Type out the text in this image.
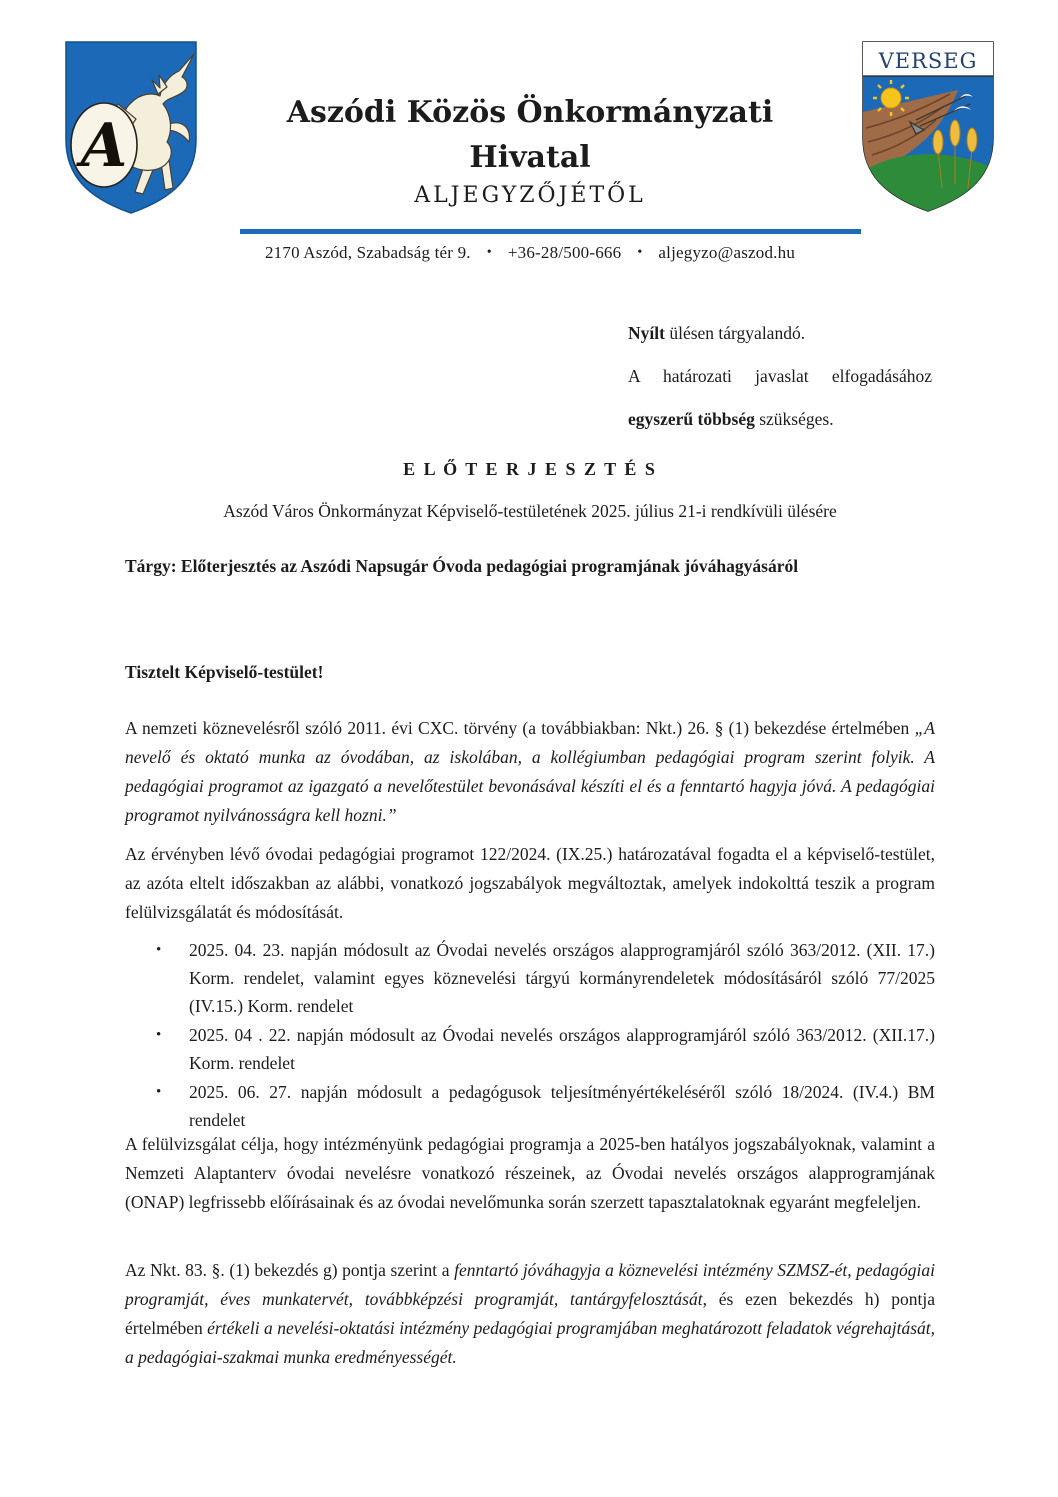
A	Aszódi Közös Önkormányzati
Hivatal
ALJEGYZŐJÉTŐL
VERSEG
2170 Aszód, Szabadság tér 9. • +36-28/500-666 • aljegyzo@aszod.hu
Nyílt ülésen tárgyalandó.
A határozati javaslat elfogadásához
egyszerű többség szükséges.
E L Ő T E R J E S Z T É S
Aszód Város Önkormányzat Képviselő-testületének 2025. július 21-i rendkívüli ülésére
Tárgy: Előterjesztés az Aszódi Napsugár Óvoda pedagógiai programjának jóváhagyásáról
Tisztelt Képviselő-testület!

A nemzeti köznevelésről szóló 2011. évi CXC. törvény (a továbbiakban: Nkt.) 26. § (1) bekezdése értelmében „A nevelő és oktató munka az óvodában, az iskolában, a kollégiumban pedagógiai program szerint folyik. A pedagógiai programot az igazgató a nevelőtestület bevonásával készíti el és a fenntartó hagyja jóvá. A pedagógiai programot nyilvánosságra kell hozni.”

Az érvényben lévő óvodai pedagógiai programot 122/2024. (IX.25.) határozatával fogadta el a képviselő-testület, az azóta eltelt időszakban az alábbi, vonatkozó jogszabályok megváltoztak, amelyek indokolttá teszik a program felülvizsgálatát és módosítását.

• 2025. 04. 23. napján módosult az Óvodai nevelés országos alapprogramjáról szóló 363/2012. (XII. 17.) Korm. rendelet, valamint egyes köznevelési tárgyú kormányrendeletek módosításáról szóló 77/2025 (IV.15.) Korm. rendelet
• 2025. 04 . 22. napján módosult az Óvodai nevelés országos alapprogramjáról szóló 363/2012. (XII.17.) Korm. rendelet
• 2025. 06. 27. napján módosult a pedagógusok teljesítményértékeléséről szóló 18/2024. (IV.4.) BM rendelet

A felülvizsgálat célja, hogy intézményünk pedagógiai programja a 2025-ben hatályos jogszabályoknak, valamint a Nemzeti Alaptanterv óvodai nevelésre vonatkozó részeinek, az Óvodai nevelés országos alapprogramjának (ONAP) legfrissebb előírásainak és az óvodai nevelőmunka során szerzett tapasztalatoknak egyaránt megfeleljen.

Az Nkt. 83. §. (1) bekezdés g) pontja szerint a fenntartó jóváhagyja a köznevelési intézmény SZMSZ-ét, pedagógiai programját, éves munkatervét, továbbképzési programját, tantárgyfelosztását, és ezen bekezdés h) pontja értelmében értékeli a nevelési-oktatási intézmény pedagógiai programjában meghatározott feladatok végrehajtását, a pedagógiai-szakmai munka eredményességét.
